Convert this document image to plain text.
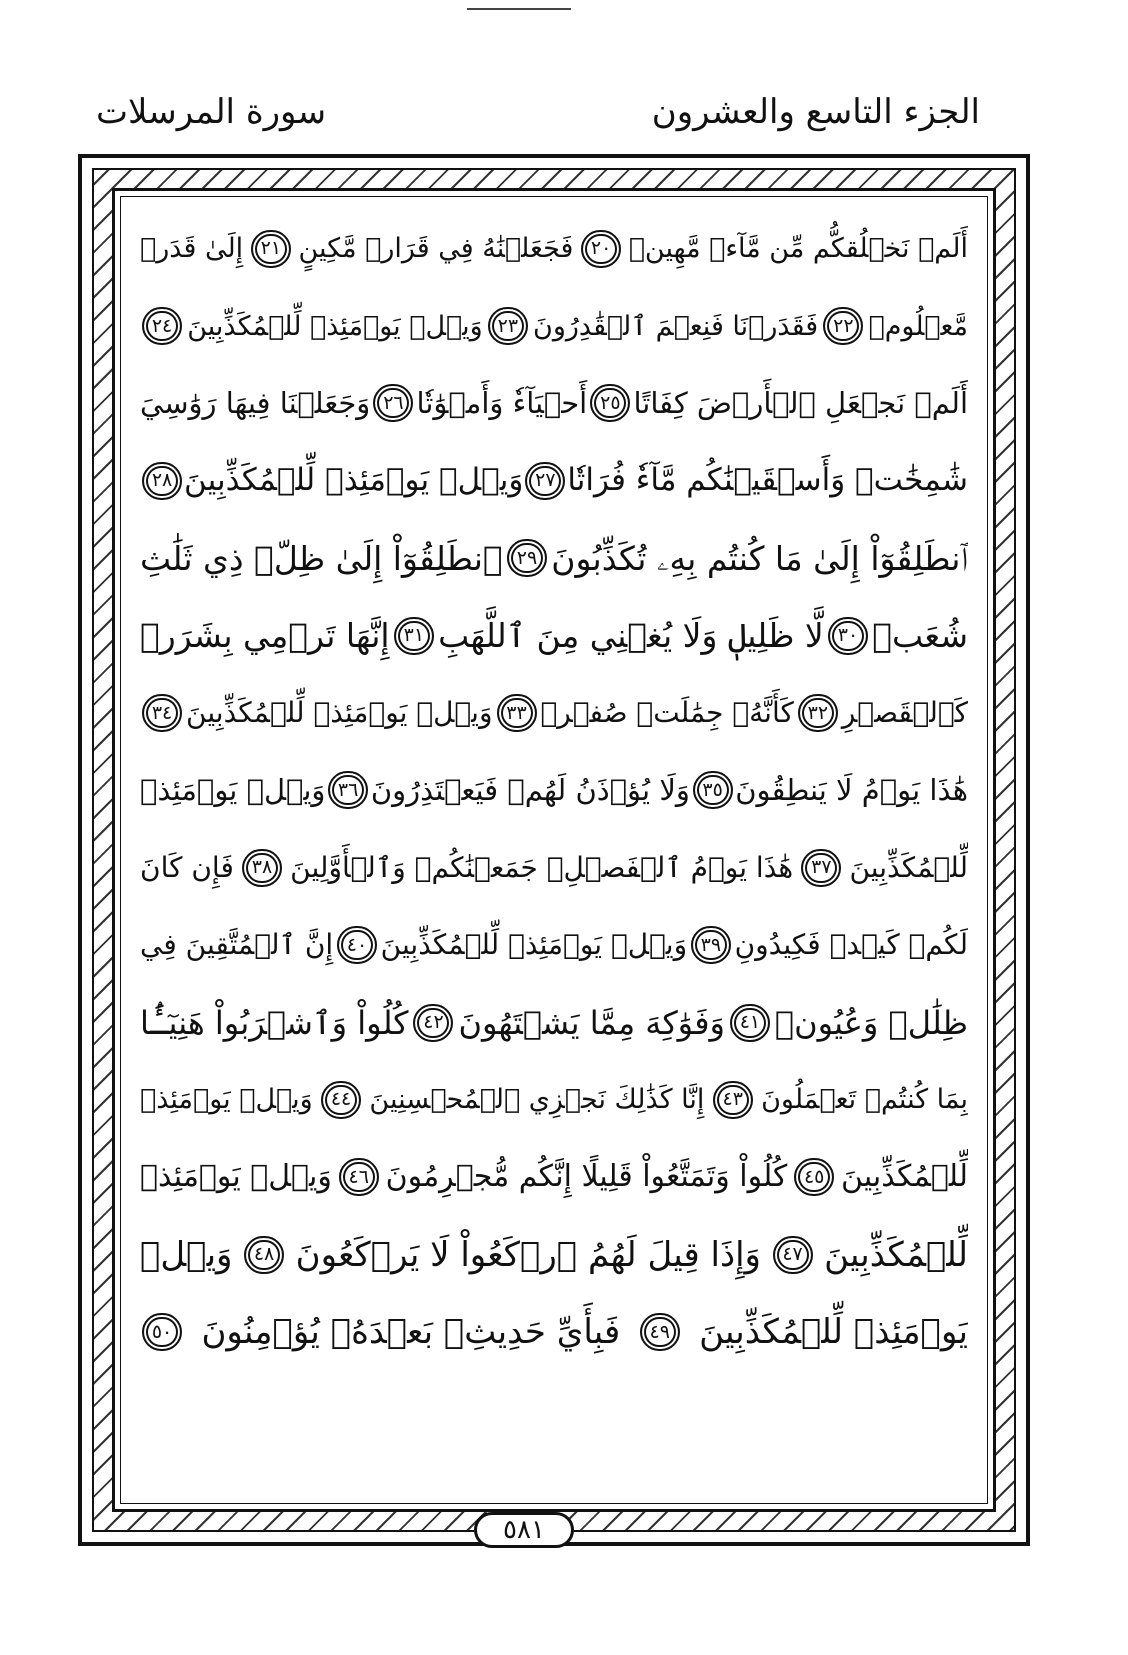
الجزء التاسع والعشرون
سورة المرسلات
أَلَمۡ نَخۡلُقكُّم مِّن مَّآءٖ مَّهِينٖ
٢٠
فَجَعَلۡنَٰهُ فِي قَرَارٖ مَّكِينٍ
٢١
إِلَىٰ قَدَرٖ
مَّعۡلُومٖ
٢٢
فَقَدَرۡنَا فَنِعۡمَ ٱلۡقَٰدِرُونَ
٢٣
وَيۡلٞ يَوۡمَئِذٖ لِّلۡمُكَذِّبِينَ
٢٤
أَلَمۡ نَجۡعَلِ ٱلۡأَرۡضَ كِفَاتًا
٢٥
أَحۡيَآءٗ وَأَمۡوَٰتٗا
٢٦
وَجَعَلۡنَا فِيهَا رَوَٰسِيَ
شَٰمِخَٰتٖ وَأَسۡقَيۡنَٰكُم مَّآءٗ فُرَاتٗا
٢٧
وَيۡلٞ يَوۡمَئِذٖ لِّلۡمُكَذِّبِينَ
٢٨
ٱنطَلِقُوٓاْ إِلَىٰ مَا كُنتُم بِهِۦ تُكَذِّبُونَ
٢٩
ٱنطَلِقُوٓاْ إِلَىٰ ظِلّٖ ذِي ثَلَٰثِ
شُعَبٖ
٣٠
لَّا ظَلِيلٖ وَلَا يُغۡنِي مِنَ ٱللَّهَبِ
٣١
إِنَّهَا تَرۡمِي بِشَرَرٖ
كَٱلۡقَصۡرِ
٣٢
كَأَنَّهُۥ جِمَٰلَتٞ صُفۡرٞ
٣٣
وَيۡلٞ يَوۡمَئِذٖ لِّلۡمُكَذِّبِينَ
٣٤
هَٰذَا يَوۡمُ لَا يَنطِقُونَ
٣٥
وَلَا يُؤۡذَنُ لَهُمۡ فَيَعۡتَذِرُونَ
٣٦
وَيۡلٞ يَوۡمَئِذٖ
لِّلۡمُكَذِّبِينَ
٣٧
هَٰذَا يَوۡمُ ٱلۡفَصۡلِۖ جَمَعۡنَٰكُمۡ وَٱلۡأَوَّلِينَ
٣٨
فَإِن كَانَ
لَكُمۡ كَيۡدٞ فَكِيدُونِ
٣٩
وَيۡلٞ يَوۡمَئِذٖ لِّلۡمُكَذِّبِينَ
٤٠
إِنَّ ٱلۡمُتَّقِينَ فِي
ظِلَٰلٖ وَعُيُونٖ
٤١
وَفَوَٰكِهَ مِمَّا يَشۡتَهُونَ
٤٢
كُلُواْ وَٱشۡرَبُواْ هَنِيٓـَٔۢا
بِمَا كُنتُمۡ تَعۡمَلُونَ
٤٣
إِنَّا كَذَٰلِكَ نَجۡزِي ٱلۡمُحۡسِنِينَ
٤٤
وَيۡلٞ يَوۡمَئِذٖ
لِّلۡمُكَذِّبِينَ
٤٥
كُلُواْ وَتَمَتَّعُواْ قَلِيلًا إِنَّكُم مُّجۡرِمُونَ
٤٦
وَيۡلٞ يَوۡمَئِذٖ
لِّلۡمُكَذِّبِينَ
٤٧
وَإِذَا قِيلَ لَهُمُ ٱرۡكَعُواْ لَا يَرۡكَعُونَ
٤٨
وَيۡلٞ
يَوۡمَئِذٖ لِّلۡمُكَذِّبِينَ
٤٩
فَبِأَيِّ حَدِيثِۭ بَعۡدَهُۥ يُؤۡمِنُونَ
٥٠
٥٨١
